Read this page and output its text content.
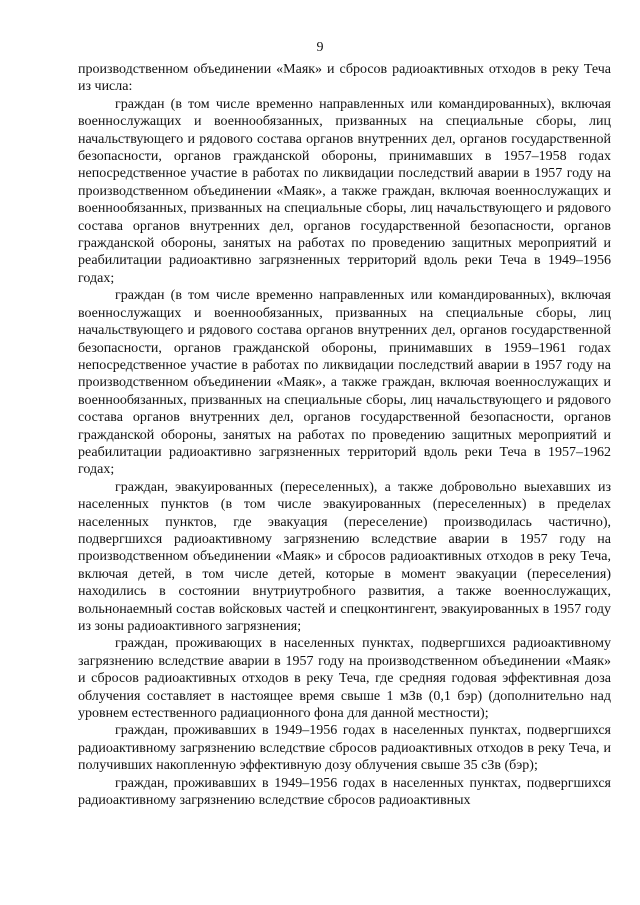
9

производственном объединении «Маяк» и сбросов радиоактивных отходов в реку Теча из числа:

граждан (в том числе временно направленных или командированных), включая военнослужащих и военнообязанных, призванных на специальные сборы, лиц начальствующего и рядового состава органов внутренних дел, органов государственной безопасности, органов гражданской обороны, принимавших в 1957–1958 годах непосредственное участие в работах по ликвидации последствий аварии в 1957 году на производственном объединении «Маяк», а также граждан, включая военнослужащих и военнообязанных, призванных на специальные сборы, лиц начальствующего и рядового состава органов внутренних дел, органов государственной безопасности, органов гражданской обороны, занятых на работах по проведению защитных мероприятий и реабилитации радиоактивно загрязненных территорий вдоль реки Теча в 1949–1956 годах;

граждан (в том числе временно направленных или командированных), включая военнослужащих и военнообязанных, призванных на специальные сборы, лиц начальствующего и рядового состава органов внутренних дел, органов государственной безопасности, органов гражданской обороны, принимавших в 1959–1961 годах непосредственное участие в работах по ликвидации последствий аварии в 1957 году на производственном объединении «Маяк», а также граждан, включая военнослужащих и военнообязанных, призванных на специальные сборы, лиц начальствующего и рядового состава органов внутренних дел, органов государственной безопасности, органов гражданской обороны, занятых на работах по проведению защитных мероприятий и реабилитации радиоактивно загрязненных территорий вдоль реки Теча в 1957–1962 годах;

граждан, эвакуированных (переселенных), а также добровольно выехавших из населенных пунктов (в том числе эвакуированных (переселенных) в пределах населенных пунктов, где эвакуация (переселение) производилась частично), подвергшихся радиоактивному загрязнению вследствие аварии в 1957 году на производственном объединении «Маяк» и сбросов радиоактивных отходов в реку Теча, включая детей, в том числе детей, которые в момент эвакуации (переселения) находились в состоянии внутриутробного развития, а также военнослужащих, вольнонаемный состав войсковых частей и спецконтингент, эвакуированных в 1957 году из зоны радиоактивного загрязнения;

граждан, проживающих в населенных пунктах, подвергшихся радиоактивному загрязнению вследствие аварии в 1957 году на производственном объединении «Маяк» и сбросов радиоактивных отходов в реку Теча, где средняя годовая эффективная доза облучения составляет в настоящее время свыше 1 мЗв (0,1 бэр) (дополнительно над уровнем естественного радиационного фона для данной местности);

граждан, проживавших в 1949–1956 годах в населенных пунктах, подвергшихся радиоактивному загрязнению вследствие сбросов радиоактивных отходов в реку Теча, и получивших накопленную эффективную дозу облучения свыше 35 сЗв (бэр);

граждан, проживавших в 1949–1956 годах в населенных пунктах, подвергшихся радиоактивному загрязнению вследствие сбросов радиоактивных
